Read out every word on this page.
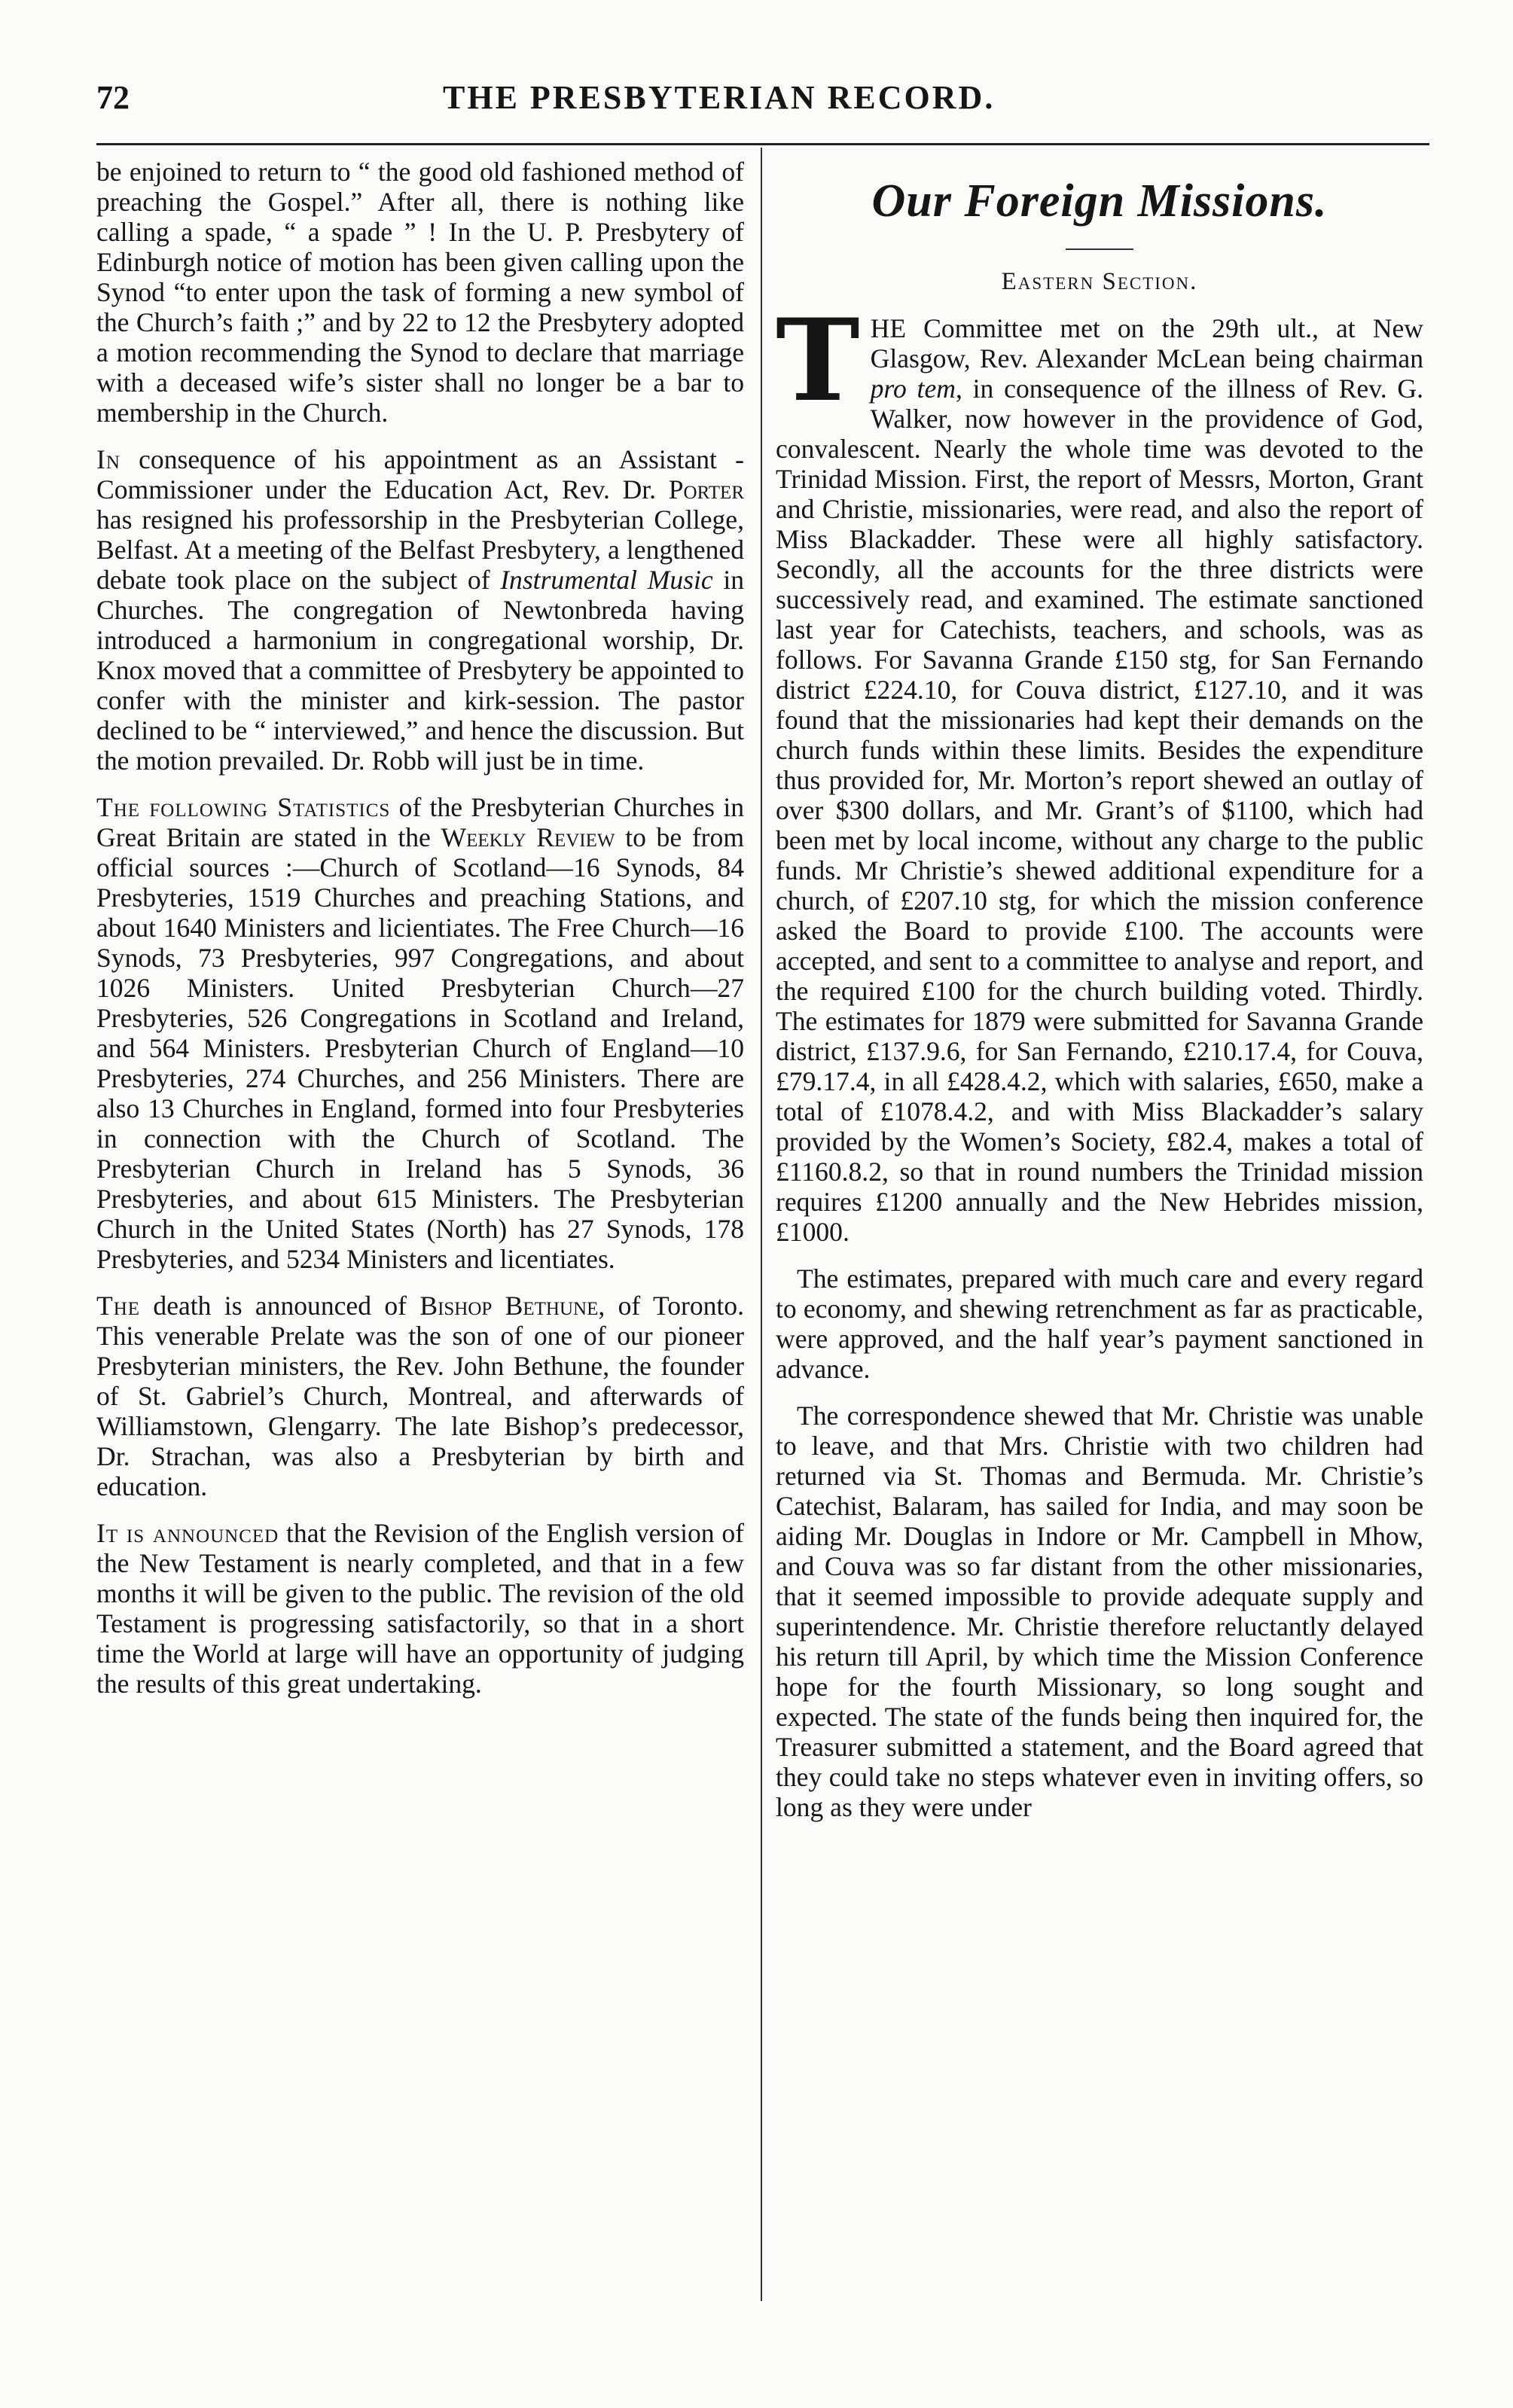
72	THE PRESBYTERIAN RECORD.

be enjoined to return to “ the good old fashioned method of preaching the Gospel.” After all, there is nothing like calling a spade, “ a spade ” ! In the U. P. Presbytery of Edinburgh notice of motion has been given calling upon the Synod “to enter upon the task of forming a new symbol of the Church’s faith ;” and by 22 to 12 the Presbytery adopted a motion recommending the Synod to declare that marriage with a deceased wife’s sister shall no longer be a bar to membership in the Church.

In consequence of his appointment as an Assistant - Commissioner under the Education Act, Rev. Dr. Porter has resigned his professorship in the Presbyterian College, Belfast. At a meeting of the Belfast Presbytery, a lengthened debate took place on the subject of Instrumental Music in Churches. The congregation of Newtonbreda having introduced a harmonium in congregational worship, Dr. Knox moved that a committee of Presbytery be appointed to confer with the minister and kirk-session. The pastor declined to be “ interviewed,” and hence the discussion. But the motion prevailed. Dr. Robb will just be in time.

The following Statistics of the Presbyterian Churches in Great Britain are stated in the Weekly Review to be from official sources :—Church of Scotland—16 Synods, 84 Presbyteries, 1519 Churches and preaching Stations, and about 1640 Ministers and licientiates. The Free Church—16 Synods, 73 Presbyteries, 997 Congregations, and about 1026 Ministers. United Presbyterian Church—27 Presbyteries, 526 Congregations in Scotland and Ireland, and 564 Ministers. Presbyterian Church of England—10 Presbyteries, 274 Churches, and 256 Ministers. There are also 13 Churches in England, formed into four Presbyteries in connection with the Church of Scotland. The Presbyterian Church in Ireland has 5 Synods, 36 Presbyteries, and about 615 Ministers. The Presbyterian Church in the United States (North) has 27 Synods, 178 Presbyteries, and 5234 Ministers and licentiates.

The death is announced of Bishop Bethune, of Toronto. This venerable Prelate was the son of one of our pioneer Presbyterian ministers, the Rev. John Bethune, the founder of St. Gabriel’s Church, Montreal, and afterwards of Williamstown, Glengarry. The late Bishop’s predecessor, Dr. Strachan, was also a Presbyterian by birth and education.

It is announced that the Revision of the English version of the New Testament is nearly completed, and that in a few months it will be given to the public. The revision of the old Testament is progressing satisfactorily, so that in a short time the World at large will have an opportunity of judging the results of this great undertaking.

Our Foreign Missions.
Eastern Section.

THE Committee met on the 29th ult., at New Glasgow, Rev. Alexander McLean being chairman pro tem, in consequence of the illness of Rev. G. Walker, now however in the providence of God, convalescent. Nearly the whole time was devoted to the Trinidad Mission. First, the report of Messrs, Morton, Grant and Christie, missionaries, were read, and also the report of Miss Blackadder. These were all highly satisfactory. Secondly, all the accounts for the three districts were successively read, and examined. The estimate sanctioned last year for Catechists, teachers, and schools, was as follows. For Savanna Grande £150 stg, for San Fernando district £224.10, for Couva district, £127.10, and it was found that the missionaries had kept their demands on the church funds within these limits. Besides the expenditure thus provided for, Mr. Morton’s report shewed an outlay of over $300 dollars, and Mr. Grant’s of $1100, which had been met by local income, without any charge to the public funds. Mr Christie’s shewed additional expenditure for a church, of £207.10 stg, for which the mission conference asked the Board to provide £100. The accounts were accepted, and sent to a committee to analyse and report, and the required £100 for the church building voted. Thirdly. The estimates for 1879 were submitted for Savanna Grande district, £137.9.6, for San Fernando, £210.17.4, for Couva, £79.17.4, in all £428.4.2, which with salaries, £650, make a total of £1078.4.2, and with Miss Blackadder’s salary provided by the Women’s Society, £82.4, makes a total of £1160.8.2, so that in round numbers the Trinidad mission requires £1200 annually and the New Hebrides mission, £1000.

The estimates, prepared with much care and every regard to economy, and shewing retrenchment as far as practicable, were approved, and the half year’s payment sanctioned in advance.

The correspondence shewed that Mr. Christie was unable to leave, and that Mrs. Christie with two children had returned via St. Thomas and Bermuda. Mr. Christie’s Catechist, Balaram, has sailed for India, and may soon be aiding Mr. Douglas in Indore or Mr. Campbell in Mhow, and Couva was so far distant from the other missionaries, that it seemed impossible to provide adequate supply and superintendence. Mr. Christie therefore reluctantly delayed his return till April, by which time the Mission Conference hope for the fourth Missionary, so long sought and expected. The state of the funds being then inquired for, the Treasurer submitted a statement, and the Board agreed that they could take no steps whatever even in inviting offers, so long as they were under
